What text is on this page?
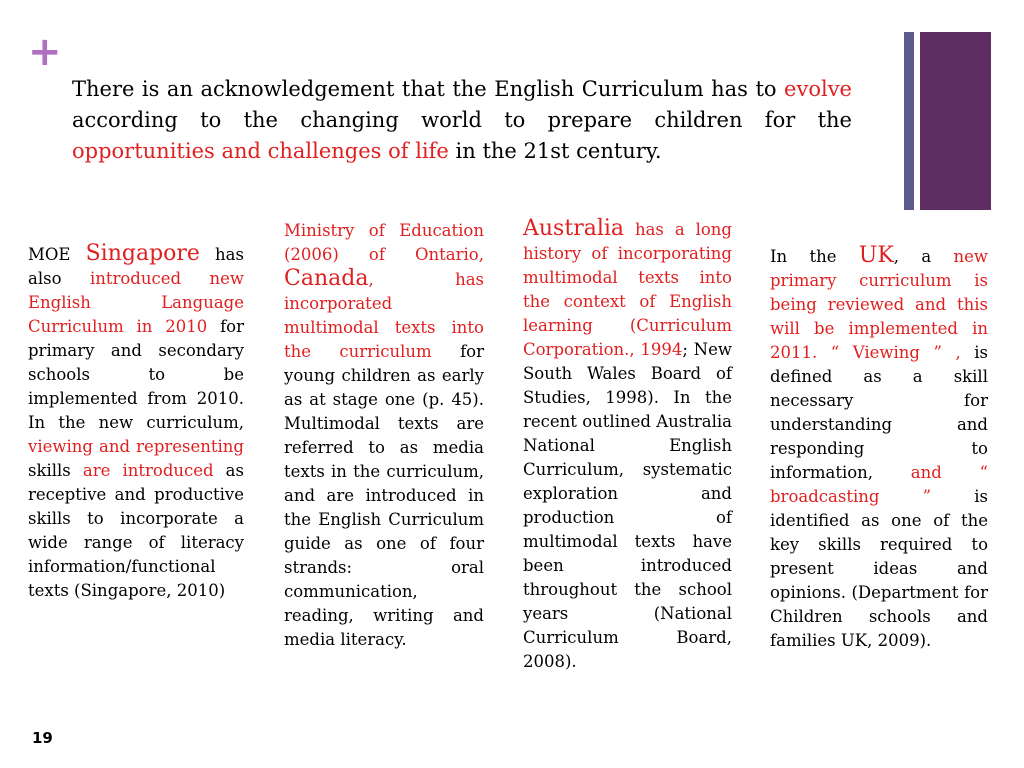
+
There is an acknowledgement that the English Curriculum has to evolve according to the changing world to prepare children for the opportunities and challenges of life in the 21st century.
MOE Singapore has also introduced new English Language Curriculum in 2010 for primary and secondary schools to be implemented from 2010. In the new curriculum, viewing and representing skills are introduced as receptive and productive skills to incorporate a wide range of literacy information/functional texts (Singapore, 2010)
Ministry of Education (2006) of Ontario, Canada, has incorporated multimodal texts into the curriculum for young children as early as at stage one (p. 45). Multimodal texts are referred to as media texts in the curriculum, and are introduced in the English Curriculum guide as one of four strands: oral communication, reading, writing and media literacy.
Australia has a long history of incorporating multimodal texts into the context of English learning (Curriculum Corporation., 1994; New South Wales Board of Studies, 1998). In the recent outlined Australia National English Curriculum, systematic exploration and production of multimodal texts have been introduced throughout the school years (National Curriculum Board, 2008).
In the UK, a new primary curriculum is being reviewed and this will be implemented in 2011. “ Viewing ” , is defined as a skill necessary for understanding and responding to information, and “ broadcasting ” is identified as one of the key skills required to present ideas and opinions. (Department for Children schools and families UK, 2009).
19
